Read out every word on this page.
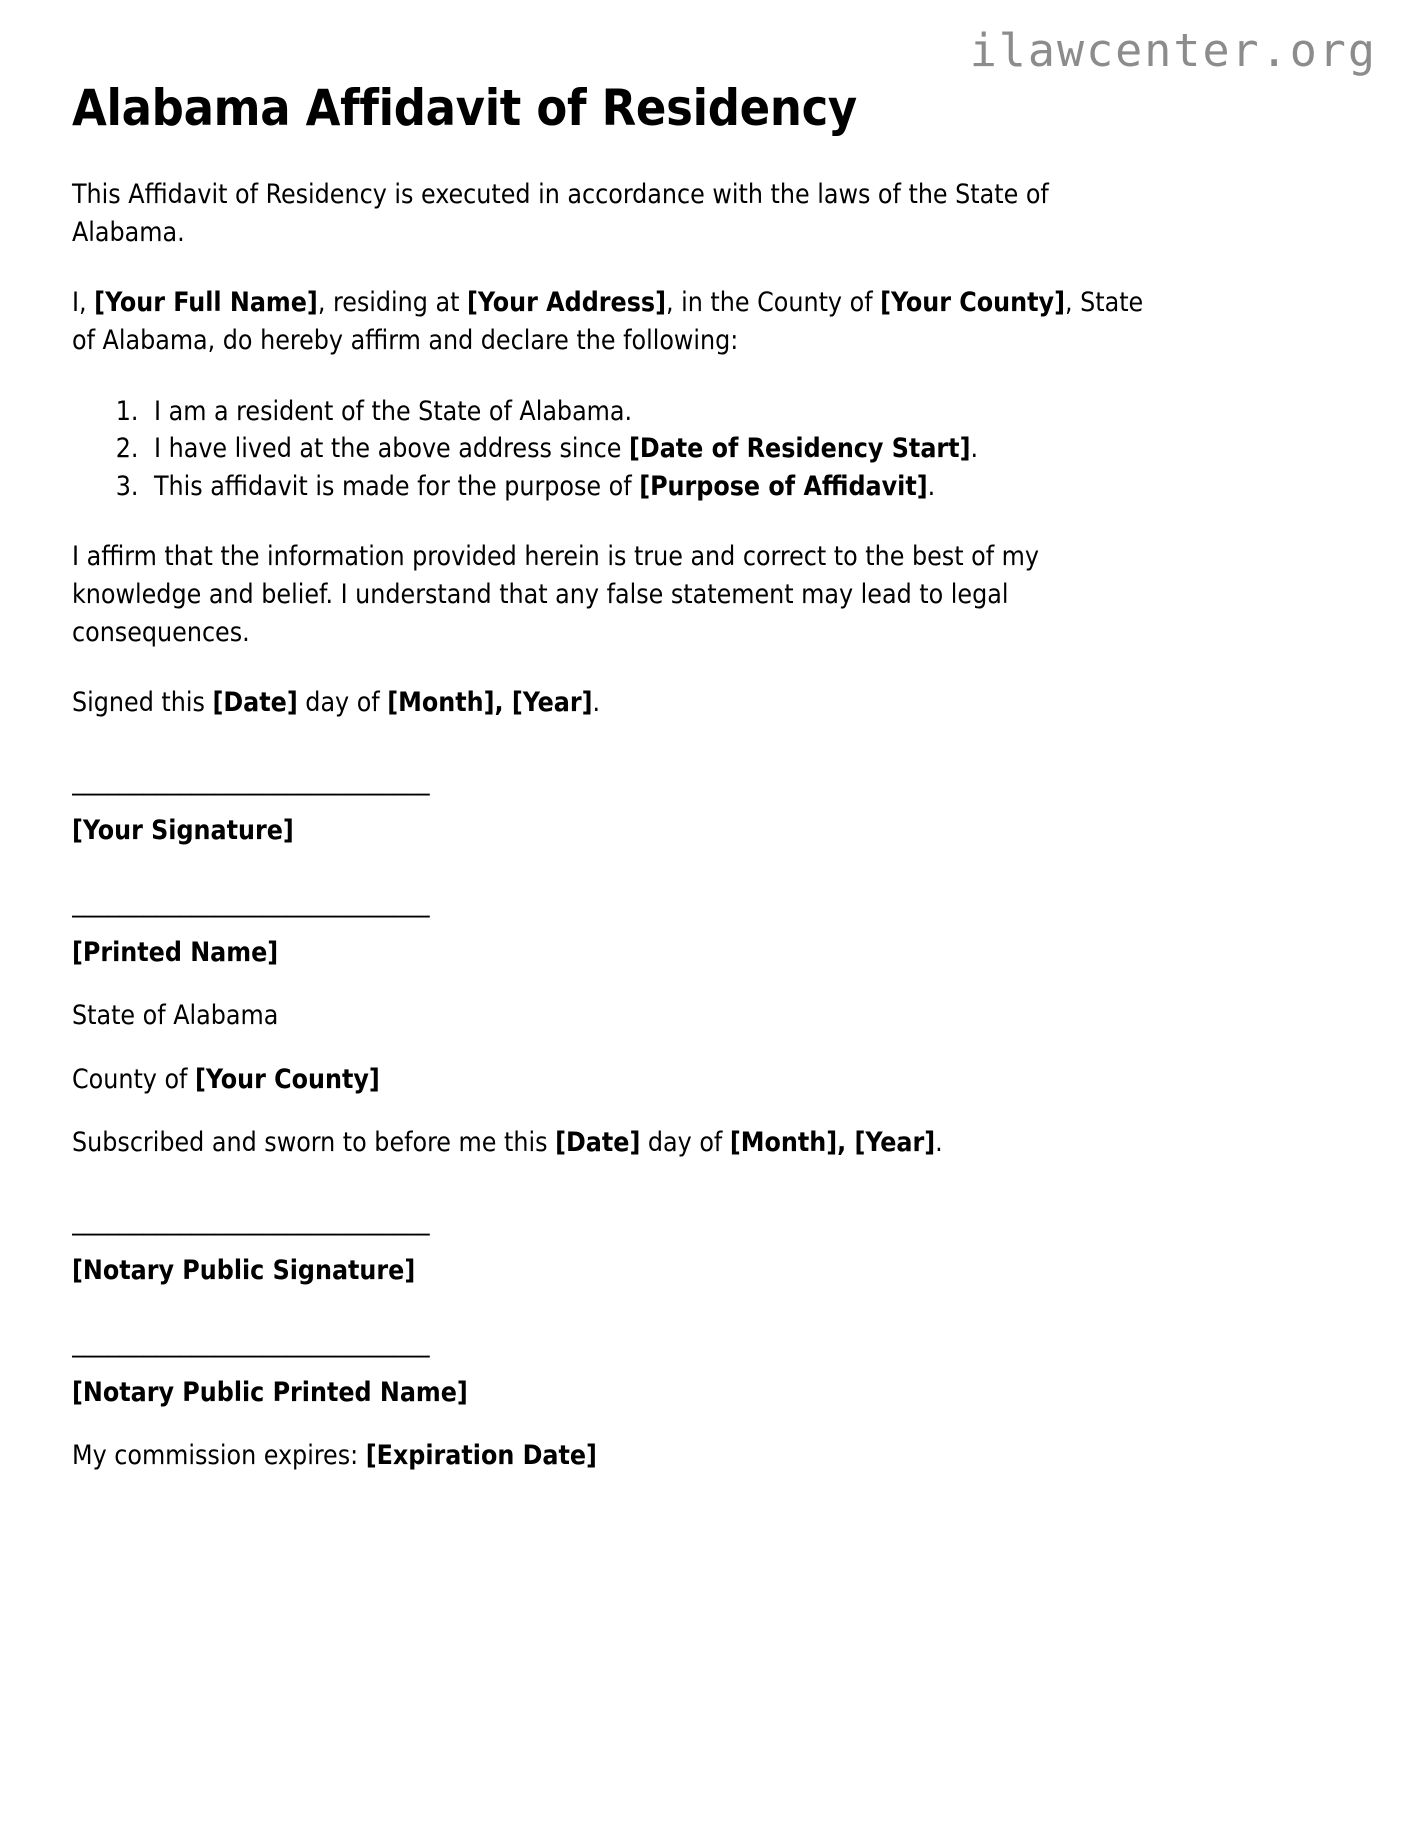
ilawcenter.org
Alabama Affidavit of Residency

This Affidavit of Residency is executed in accordance with the laws of the State of Alabama.

I, [Your Full Name], residing at [Your Address], in the County of [Your County], State of Alabama, do hereby affirm and declare the following:

1. I am a resident of the State of Alabama.
2. I have lived at the above address since [Date of Residency Start].
3. This affidavit is made for the purpose of [Purpose of Affidavit].

I affirm that the information provided herein is true and correct to the best of my knowledge and belief. I understand that any false statement may lead to legal consequences.

Signed this [Date] day of [Month], [Year].

______________________________

[Your Signature]

______________________________

[Printed Name]

State of Alabama

County of [Your County]

Subscribed and sworn to before me this [Date] day of [Month], [Year].

______________________________

[Notary Public Signature]

______________________________

[Notary Public Printed Name]

My commission expires: [Expiration Date]
